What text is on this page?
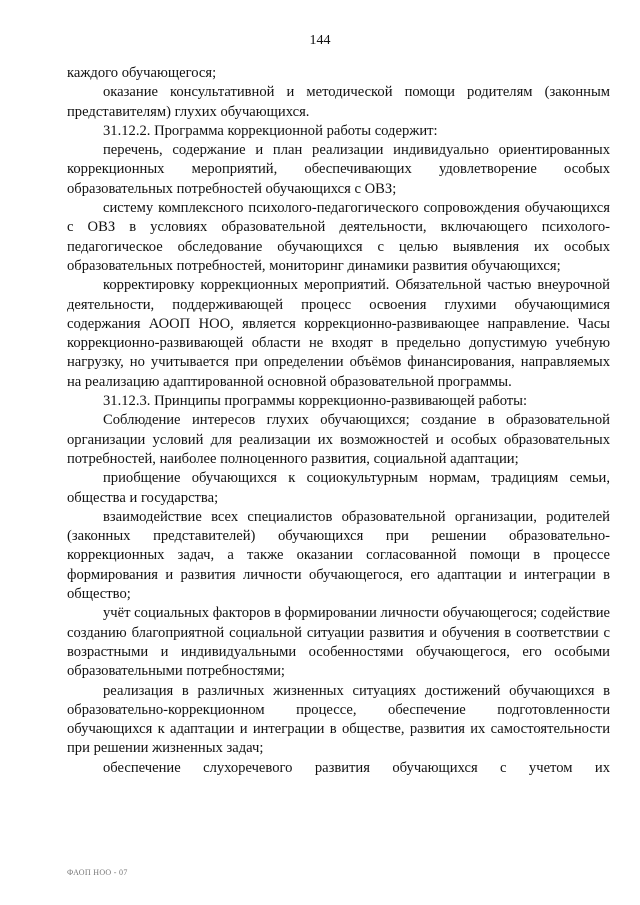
144

каждого обучающегося;

оказание консультативной и методической помощи родителям (законным представителям) глухих обучающихся.

31.12.2. Программа коррекционной работы содержит:

перечень, содержание и план реализации индивидуально ориентированных коррекционных мероприятий, обеспечивающих удовлетворение особых образовательных потребностей обучающихся с ОВЗ;

систему комплексного психолого-педагогического сопровождения обучающихся с ОВЗ в условиях образовательной деятельности, включающего психолого-педагогическое обследование обучающихся с целью выявления их особых образовательных потребностей, мониторинг динамики развития обучающихся;

корректировку коррекционных мероприятий. Обязательной частью внеурочной деятельности, поддерживающей процесс освоения глухими обучающимися содержания АООП НОО, является коррекционно-развивающее направление. Часы коррекционно-развивающей области не входят в предельно допустимую учебную нагрузку, но учитывается при определении объёмов финансирования, направляемых на реализацию адаптированной основной образовательной программы.

31.12.3. Принципы программы коррекционно-развивающей работы:

Соблюдение интересов глухих обучающихся; создание в образовательной организации условий для реализации их возможностей и особых образовательных потребностей, наиболее полноценного развития, социальной адаптации;

приобщение обучающихся к социокультурным нормам, традициям семьи, общества и государства;

взаимодействие всех специалистов образовательной организации, родителей (законных представителей) обучающихся при решении образовательно-коррекционных задач, а также оказании согласованной помощи в процессе формирования и развития личности обучающегося, его адаптации и интеграции в общество;

учёт социальных факторов в формировании личности обучающегося; содействие созданию благоприятной социальной ситуации развития и обучения в соответствии с возрастными и индивидуальными особенностями обучающегося, его особыми образовательными потребностями;

реализация в различных жизненных ситуациях достижений обучающихся в образовательно-коррекционном процессе, обеспечение подготовленности обучающихся к адаптации и интеграции в обществе, развития их самостоятельности при решении жизненных задач;

обеспечение слухоречевого развития обучающихся с учетом их

ФАОП НОО - 07
